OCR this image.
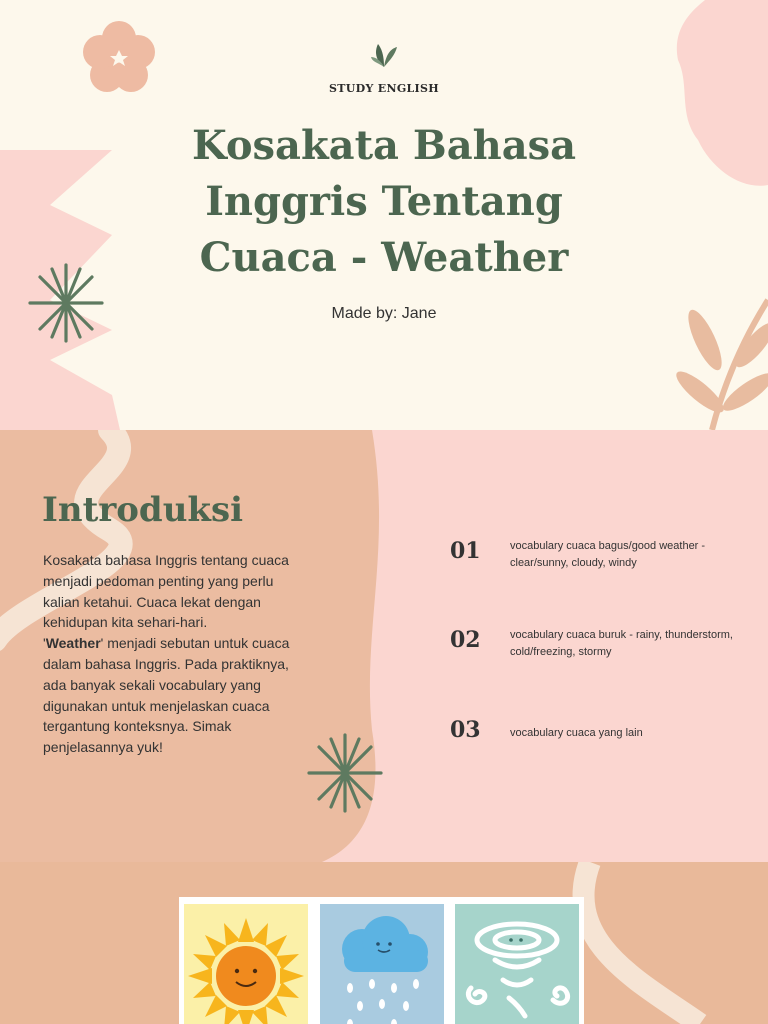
STUDY ENGLISH
Kosakata Bahasa
Inggris Tentang
Cuaca - Weather
Made by: Jane
Introduksi
Kosakata bahasa Inggris tentang cuaca menjadi pedoman penting yang perlu kalian ketahui. Cuaca lekat dengan kehidupan kita sehari-hari.
'Weather' menjadi sebutan untuk cuaca dalam bahasa Inggris. Pada praktiknya, ada banyak sekali vocabulary yang digunakan untuk menjelaskan cuaca tergantung konteksnya. Simak penjelasannya yuk!
01	vocabulary cuaca bagus/good weather - clear/sunny, cloudy, windy
02	vocabulary cuaca buruk - rainy, thunderstorm, cold/freezing, stormy
03	vocabulary cuaca yang lain
